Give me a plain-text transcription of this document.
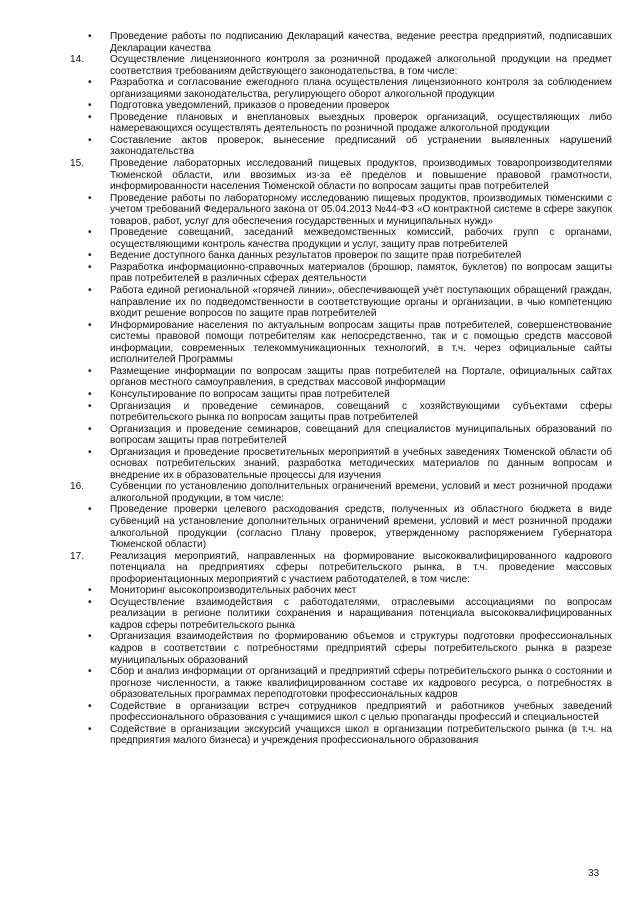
•	Проведение работы по подписанию Деклараций качества, ведение реестра предприятий, подписавших Декларации качества
14.	Осуществление лицензионного контроля за розничной продажей алкогольной продукции на предмет соответствия требованиям действующего законодательства, в том числе:
•	Разработка и согласование ежегодного плана осуществления лицензионного контроля за соблюдением организациями законодательства, регулирующего оборот алкогольной продукции
•	Подготовка уведомлений, приказов о проведении проверок
•	Проведение плановых и внеплановых выездных проверок организаций, осуществляющих либо намеревающихся осуществлять деятельность по розничной продаже алкогольной продукции
•	Составление актов проверок, вынесение предписаний об устранении выявленных нарушений законодательства
15.	Проведение лабораторных исследований пищевых продуктов, производимых товаропроизводителями Тюменской области, или ввозимых из-за её пределов и повышение правовой грамотности, информированности населения Тюменской области по вопросам защиты прав потребителей
•	Проведение работы по лабораторному исследованию пищевых продуктов, производимых тюменскими с учетом требований Федерального закона от 05.04.2013 №44-ФЗ «О контрактной системе в сфере закупок товаров, работ, услуг для обеспечения государственных и муниципальных нужд»
•	Проведение совещаний, заседаний межведомственных комиссий, рабочих групп с органами, осуществляющими контроль качества продукции и услуг, защиту прав потребителей
•	Ведение доступного банка данных результатов проверок по защите прав потребителей
•	Разработка информационно-справочных материалов (брошюр, памяток, буклетов) по вопросам защиты прав потребителей в различных сферах деятельности
•	Работа единой региональной «горячей линии», обеспечивающей учёт поступающих обращений граждан, направление их по подведомственности в соответствующие органы и организации, в чью компетенцию входит решение вопросов по защите прав потребителей
•	Информирование населения по актуальным вопросам защиты прав потребителей, совершенствование системы правовой помощи потребителям как непосредственно, так и с помощью средств массовой информации, современных телекоммуникационных технологий, в т.ч. через официальные сайты исполнителей Программы
•	Размещение информации по вопросам защиты прав потребителей на Портале, официальных сайтах органов местного самоуправления, в средствах массовой информации
•	Консультирование по вопросам защиты прав потребителей
•	Организация и проведение семинаров, совещаний с хозяйствующими субъектами сферы потребительского рынка по вопросам защиты прав потребителей
•	Организация и проведение семинаров, совещаний для специалистов муниципальных образований по вопросам защиты прав потребителей
•	Организация и проведение просветительных мероприятий в учебных заведениях Тюменской области об основах потребительских знаний, разработка методических материалов по данным вопросам и внедрение их в образовательные процессы для изучения
16.	Субвенции по установлению дополнительных ограничений времени, условий и мест розничной продажи алкогольной продукции, в том числе:
•	Проведение проверки целевого расходования средств, полученных из областного бюджета в виде субвенций на установление дополнительных ограничений времени, условий и мест розничной продажи алкогольной продукции (согласно Плану проверок, утвержденному распоряжением Губернатора Тюменской области)
17.	Реализация мероприятий, направленных на формирование высококвалифицированного кадрового потенциала на предприятиях сферы потребительского рынка, в т.ч. проведение массовых профориентационных мероприятий с участием работодателей, в том числе:
•	Мониторинг высокопроизводительных рабочих мест
•	Осуществление взаимодействия с работодателями, отраслевыми ассоциациями по вопросам реализации в регионе политики сохранения и наращивания потенциала высококвалифицированных кадров сферы потребительского рынка
•	Организация взаимодействия по формированию объемов и структуры подготовки профессиональных кадров в соответствии с потребностями предприятий сферы потребительского рынка в разрезе муниципальных образований
•	Сбор и анализ информации от организаций и предприятий сферы потребительского рынка о состоянии и прогнозе численности, а также квалифицированном составе их кадрового ресурса, о потребностях в образовательных программах переподготовки профессиональных кадров
•	Содействие в организации встреч сотрудников предприятий и работников учебных заведений профессионального образования с учащимися школ с целью пропаганды профессий и специальностей
•	Содействие в организации экскурсий учащихся школ в организации потребительского рынка (в т.ч. на предприятия малого бизнеса) и учреждения профессионального образования
33
